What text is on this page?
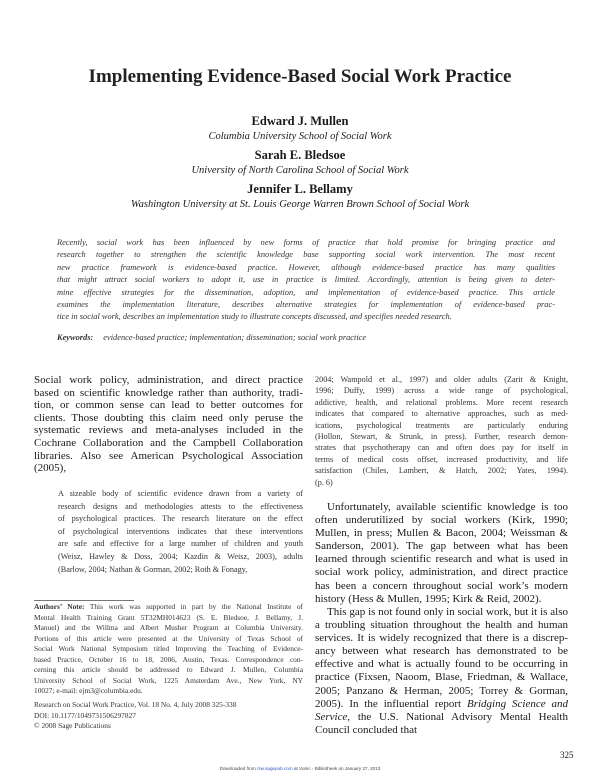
Implementing Evidence-Based Social Work Practice
Edward J. Mullen
Columbia University School of Social Work
Sarah E. Bledsoe
University of North Carolina School of Social Work
Jennifer L. Bellamy
Washington University at St. Louis George Warren Brown School of Social Work
Recently, social work has been influenced by new forms of practice that hold promise for bringing practice and
research together to strengthen the scientific knowledge base supporting social work intervention. The most recent
new practice framework is evidence-based practice. However, although evidence-based practice has many qualities
that might attract social workers to adopt it, use in practice is limited. Accordingly, attention is being given to deter-
mine effective strategies for the dissemination, adoption, and implementation of evidence-based practice. This article
examines the implementation literature, describes alternative strategies for implementation of evidence-based prac-
tice in social work, describes an implementation study to illustrate concepts discussed, and specifies needed research.
Keywords: evidence-based practice; implementation; dissemination; social work practice
Social work policy, administration, and direct practice
based on scientific knowledge rather than authority, tradi-
tion, or common sense can lead to better outcomes for
clients. Those doubting this claim need only peruse the
systematic reviews and meta-analyses included in the
Cochrane Collaboration and the Campbell Collaboration
libraries. Also see American Psychological Association
(2005),
A sizeable body of scientific evidence drawn from a variety of
research designs and methodologies attests to the effectiveness
of psychological practices. The research literature on the effect
of psychological interventions indicates that these interventions
are safe and effective for a large number of children and youth
(Weisz, Hawley & Doss, 2004; Kazdin & Weisz, 2003), adults
(Barlow, 2004; Nathan & Gorman, 2002; Roth & Fonagy,
Authors’ Note: This work was supported in part by the National Institute of
Mental Health Training Grant 5T32MH014623 (S. E. Bledsoe, J. Bellamy, J.
Manuel) and the Willma and Albert Musher Program at Columbia University.
Portions of this article were presented at the University of Texas School of
Social Work National Symposium titled Improving the Teaching of Evidence-
based Practice, October 16 to 18, 2006, Austin, Texas. Correspondence con-
cerning this article should be addressed to Edward J. Mullen, Columbia
University School of Social Work, 1225 Amsterdam Ave., New York, NY
10027; e-mail: ejm3@columbia.edu.
Research on Social Work Practice, Vol. 18 No. 4, July 2008 325-338
DOI: 10.1177/1049731506297827
© 2008 Sage Publications
2004; Wampold et al., 1997) and older adults (Zarit & Knight,
1996; Duffy, 1999) across a wide range of psychological,
addictive, health, and relational problems. More recent research
indicates that compared to alternative approaches, such as med-
ications, psychological treatments are particularly enduring
(Hollon, Stewart, & Strunk, in press). Further, research demon-
strates that psychotherapy can and often does pay for itself in
terms of medical costs offset, increased productivity, and life
satisfaction (Chiles, Lambert, & Hatch, 2002; Yates, 1994).
(p. 6)
Unfortunately, available scientific knowledge is too
often underutilized by social workers (Kirk, 1990;
Mullen, in press; Mullen & Bacon, 2004; Weissman &
Sanderson, 2001). The gap between what has been
learned through scientific research and what is used in
social work policy, administration, and direct practice
has been a concern throughout social work’s modern
history (Hess & Mullen, 1995; Kirk & Reid, 2002).
This gap is not found only in social work, but it is also
a troubling situation throughout the health and human
services. It is widely recognized that there is a discrep-
ancy between what research has demonstrated to be
effective and what is actually found to be occurring in
practice (Fixsen, Naoom, Blase, Friedman, & Wallace,
2005; Panzano & Herman, 2005; Torrey & Gorman,
2005). In the influential report Bridging Science and
Service, the U.S. National Advisory Mental Health
Council concluded that
325
Downloaded from rsw.sagepub.com at Vumc - Bibliotheek on January 27, 2013
